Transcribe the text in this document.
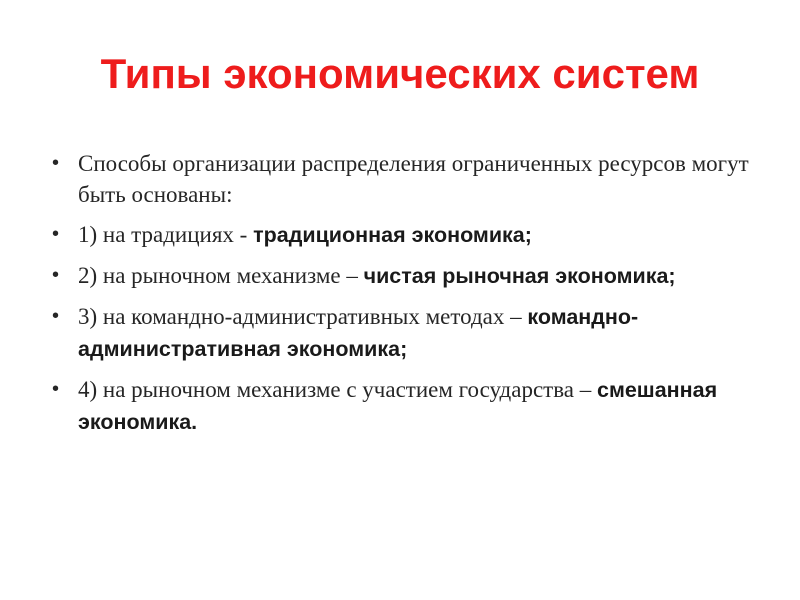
Типы экономических систем
• Способы организации распределения ограниченных ресурсов могут быть основаны:
• 1) на традициях - традиционная экономика;
• 2) на рыночном механизме – чистая рыночная экономика;
• 3) на командно-административных методах – командно-административная экономика;
• 4) на рыночном механизме с участием государства – смешанная экономика.
